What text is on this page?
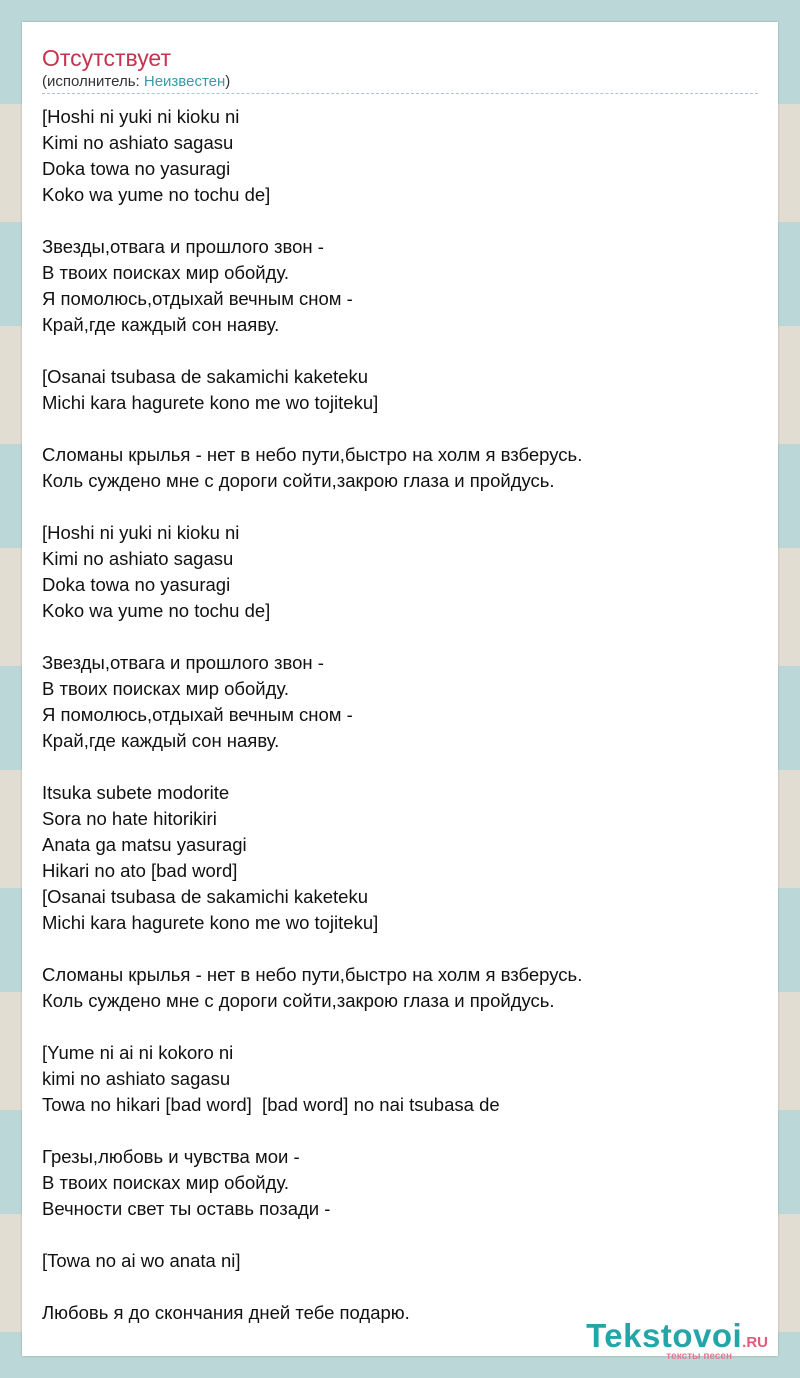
Отсутствует
(исполнитель: Неизвестен)
[Hoshi ni yuki ni kioku ni
Kimi no ashiato sagasu
Doka towa no yasuragi
Koko wa yume no tochu de]
Звезды,отвага и прошлого звон -
В твоих поисках мир обойду.
Я помолюсь,отдыхай вечным сном -
Край,где каждый сон наяву.
[Osanai tsubasa de sakamichi kaketeku
Michi kara hagurete kono me wo tojiteku]
Сломаны крылья - нет в небо пути,быстро на холм я взберусь.
Коль суждено мне с дороги сойти,закрою глаза и пройдусь.
[Hoshi ni yuki ni kioku ni
Kimi no ashiato sagasu
Doka towa no yasuragi
Koko wa yume no tochu de]
Звезды,отвага и прошлого звон -
В твоих поисках мир обойду.
Я помолюсь,отдыхай вечным сном -
Край,где каждый сон наяву.
Itsuka subete modorite
Sora no hate hitorikiri
Anata ga matsu yasuragi
Hikari no ato [bad word]
[Osanai tsubasa de sakamichi kaketeku
Michi kara hagurete kono me wo tojiteku]
Сломаны крылья - нет в небо пути,быстро на холм я взберусь.
Коль суждено мне с дороги сойти,закрою глаза и пройдусь.
[Yume ni ai ni kokoro ni
kimi no ashiato sagasu
Towa no hikari [bad word]  [bad word] no nai tsubasa de
Грезы,любовь и чувства мои -
В твоих поисках мир обойду.
Вечности свет ты оставь позади -
[Towa no ai wo anata ni]
Любовь я до скончания дней тебе подарю.
Tekstovoi.RU
тексты песен
